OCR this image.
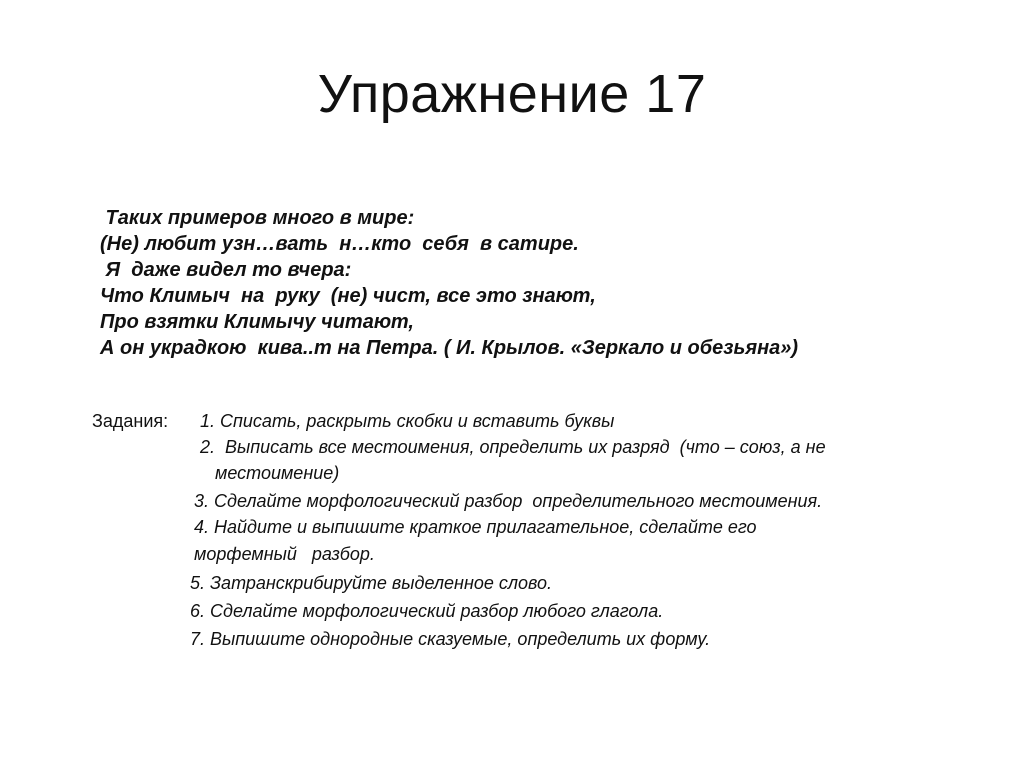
Упражнение 17
Таких примеров много в мире:
(Не) любит узн…вать  н…кто  себя  в сатире.
Я  даже видел то вчера:
Что Климыч  на  руку  (не) чист, все это знают,
Про взятки Климычу читают,
А он украдкою  кива..т на Петра. ( И. Крылов. «Зеркало и обезьяна»)
Задания: 1. Списать, раскрыть скобки и вставить буквы
2.  Выписать все местоимения, определить их разряд  (что – союз, а не
местоимение)
3. Сделайте морфологический разбор  определительного местоимения.
4. Найдите и выпишите краткое прилагательное, сделайте его
морфемный   разбор.
5. Затранскрибируйте выделенное слово.
6. Сделайте морфологический разбор любого глагола.
7. Выпишите однородные сказуемые, определить их форму.
